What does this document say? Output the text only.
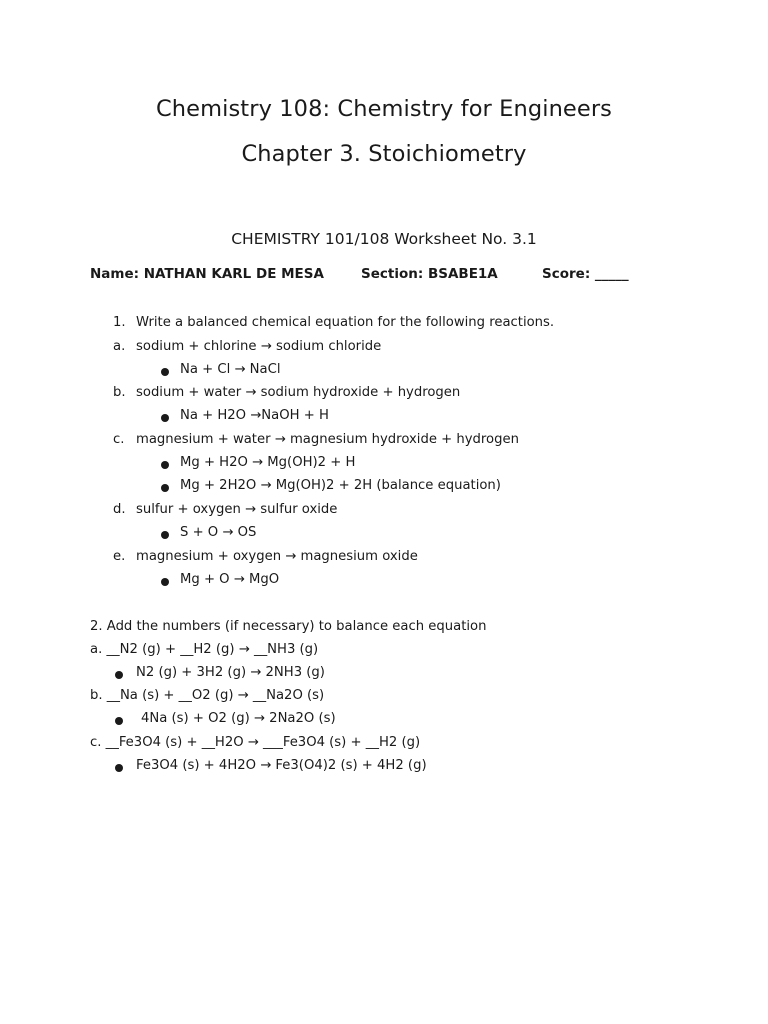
Chemistry 108: Chemistry for Engineers
Chapter 3. Stoichiometry
CHEMISTRY 101/108 Worksheet No. 3.1
Name: NATHAN KARL DE MESA	Section: BSABE1A	Score: _____
1. Write a balanced chemical equation for the following reactions.
a. sodium + chlorine → sodium chloride
Na + Cl → NaCl
b. sodium + water → sodium hydroxide + hydrogen
Na + H2O →NaOH + H
c. magnesium + water → magnesium hydroxide + hydrogen
Mg + H2O → Mg(OH)2 + H
Mg + 2H2O → Mg(OH)2 + 2H (balance equation)
d. sulfur + oxygen → sulfur oxide
S + O → OS
e. magnesium + oxygen → magnesium oxide
Mg + O → MgO
2. Add the numbers (if necessary) to balance each equation
a. __N2 (g) + __H2 (g) → __NH3 (g)
N2 (g) + 3H2 (g) → 2NH3 (g)
b. __Na (s) + __O2 (g) → __Na2O (s)
4Na (s) + O2 (g) → 2Na2O (s)
c. __Fe3O4 (s) + __H2O → ___Fe3O4 (s) + __H2 (g)
Fe3O4 (s) + 4H2O → Fe3(O4)2 (s) + 4H2 (g)
